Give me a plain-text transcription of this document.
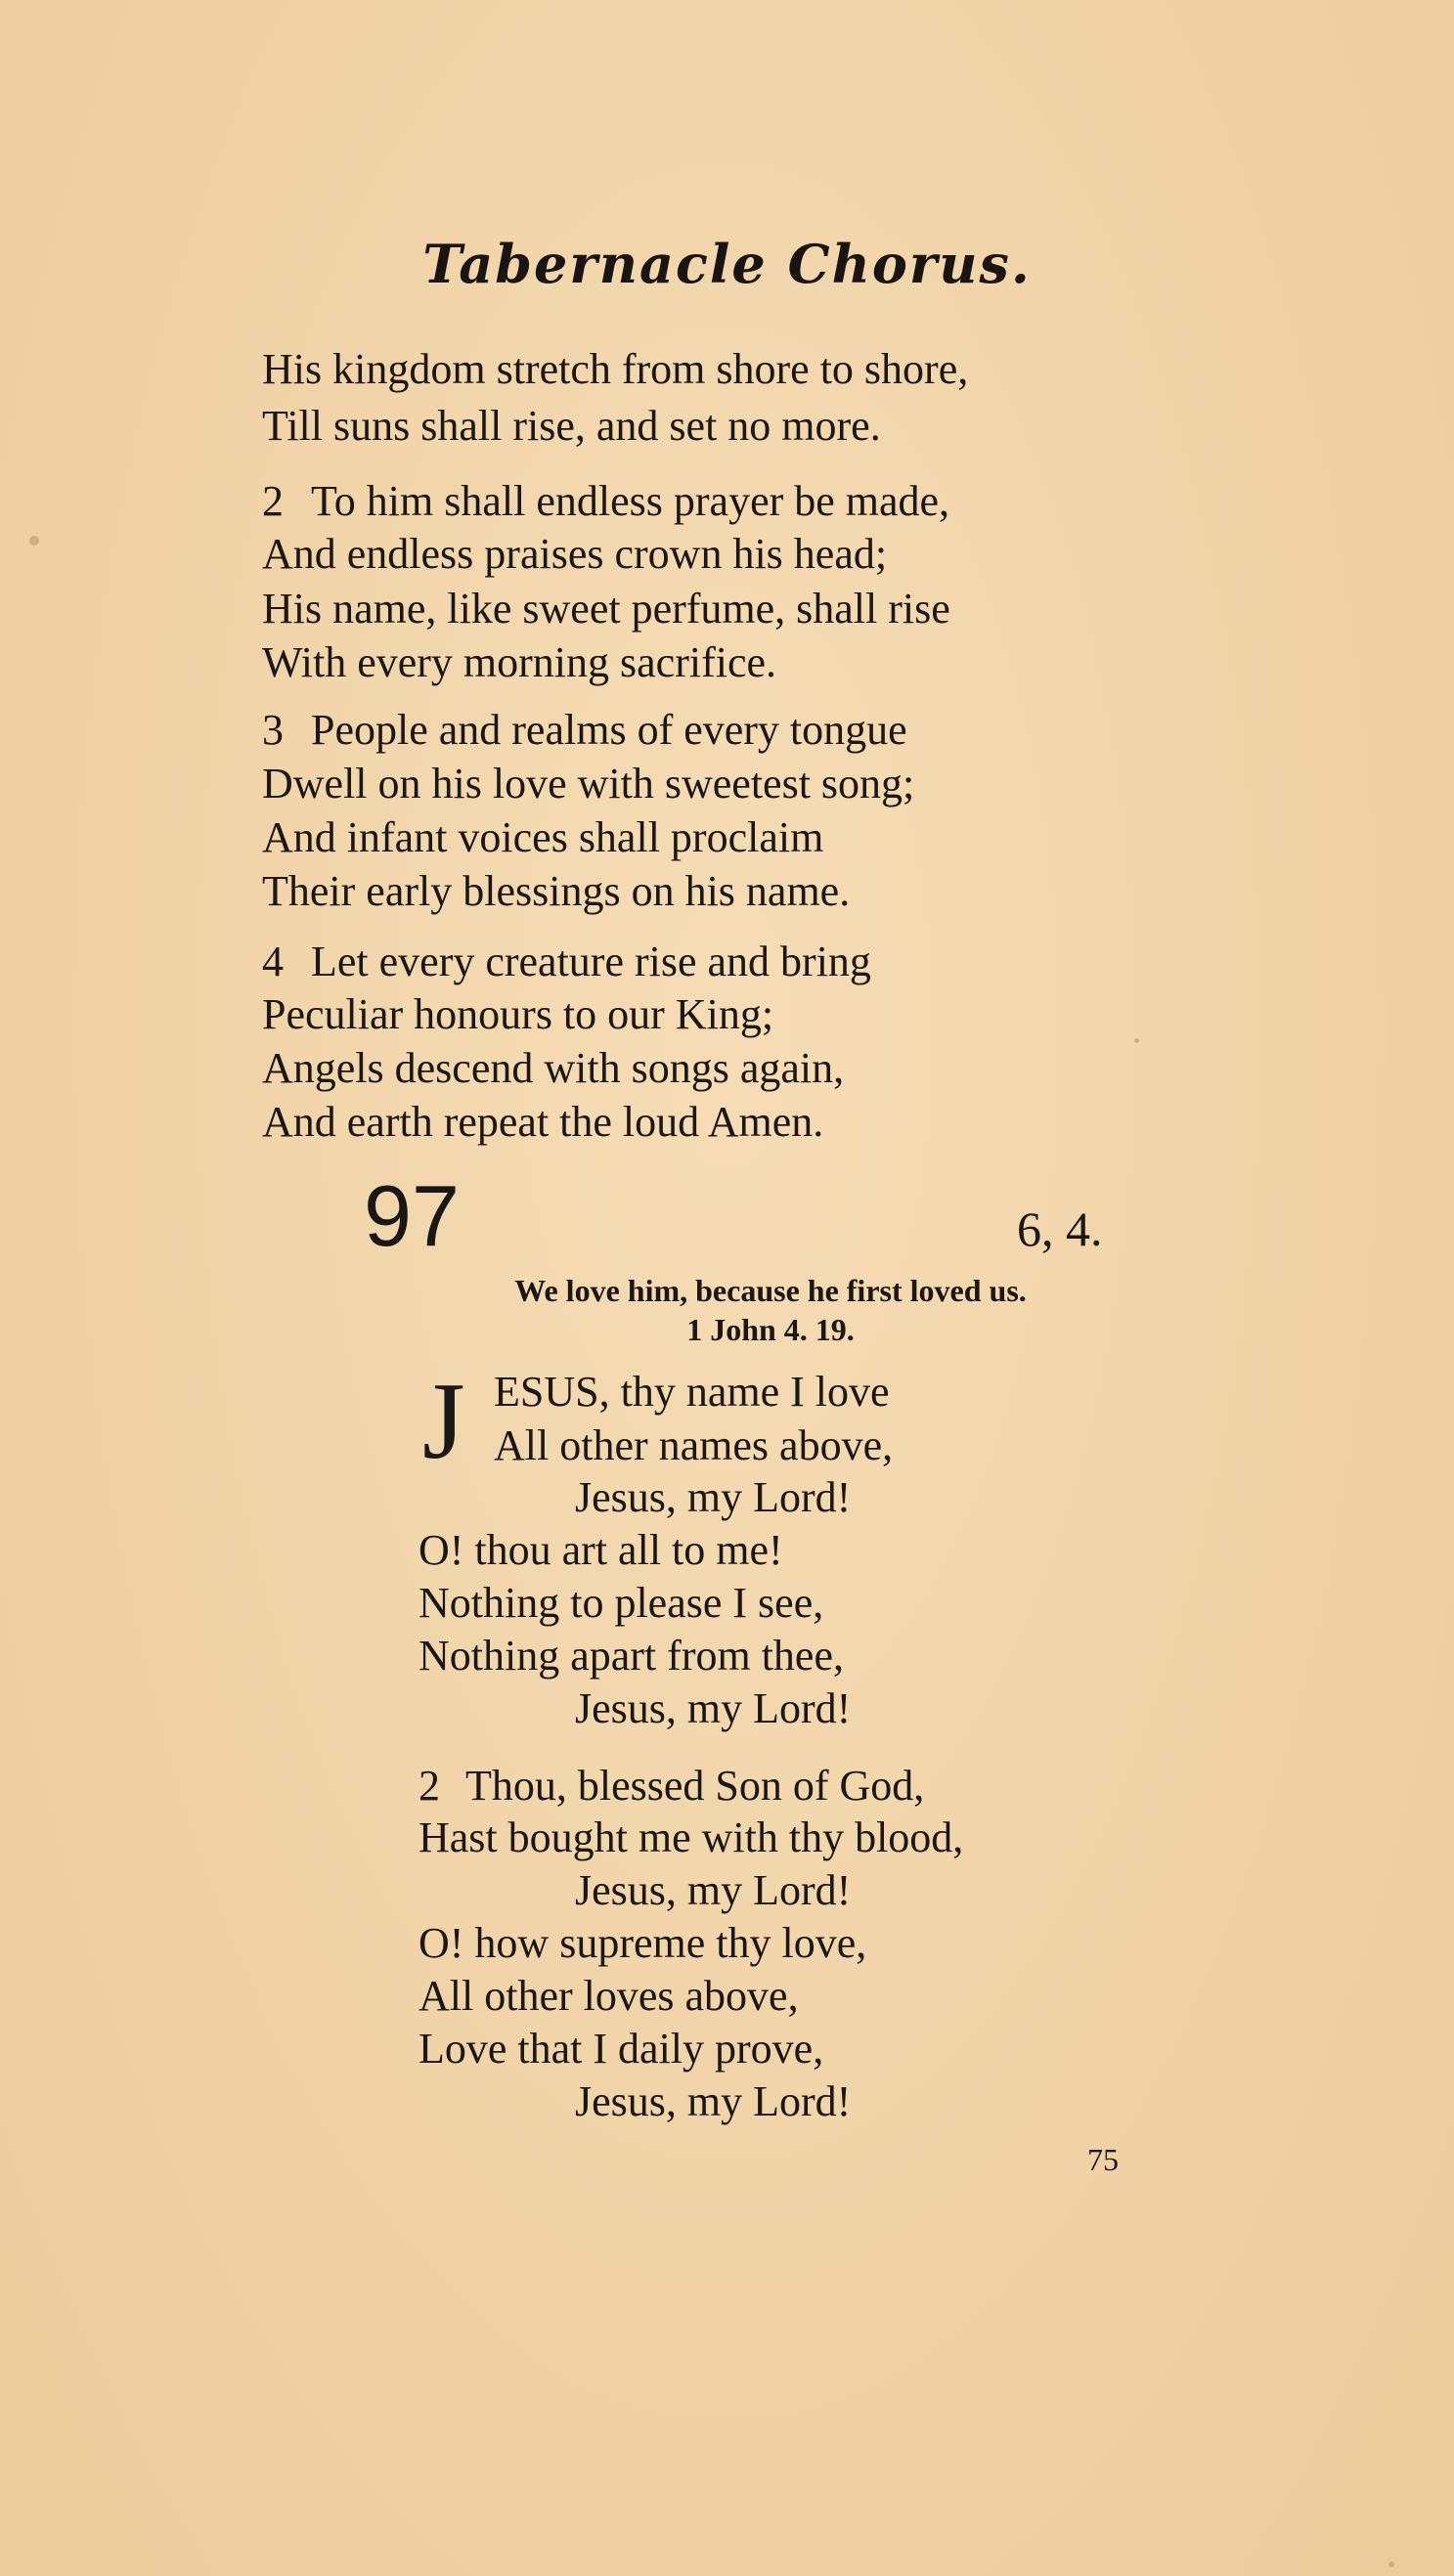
Tabernacle Chorus.
His kingdom stretch from shore to shore,
Till suns shall rise, and set no more.
2 To him shall endless prayer be made,
And endless praises crown his head;
His name, like sweet perfume, shall rise
With every morning sacrifice.
3 People and realms of every tongue
Dwell on his love with sweetest song;
And infant voices shall proclaim
Their early blessings on his name.
4 Let every creature rise and bring
Peculiar honours to our King;
Angels descend with songs again,
And earth repeat the loud Amen.
97	6, 4.
We love him, because he first loved us.
1 John 4. 19.
J ESUS, thy name I love
All other names above,
Jesus, my Lord!
O! thou art all to me!
Nothing to please I see,
Nothing apart from thee,
Jesus, my Lord!
2 Thou, blessed Son of God,
Hast bought me with thy blood,
Jesus, my Lord!
O! how supreme thy love,
All other loves above,
Love that I daily prove,
Jesus, my Lord!
75
